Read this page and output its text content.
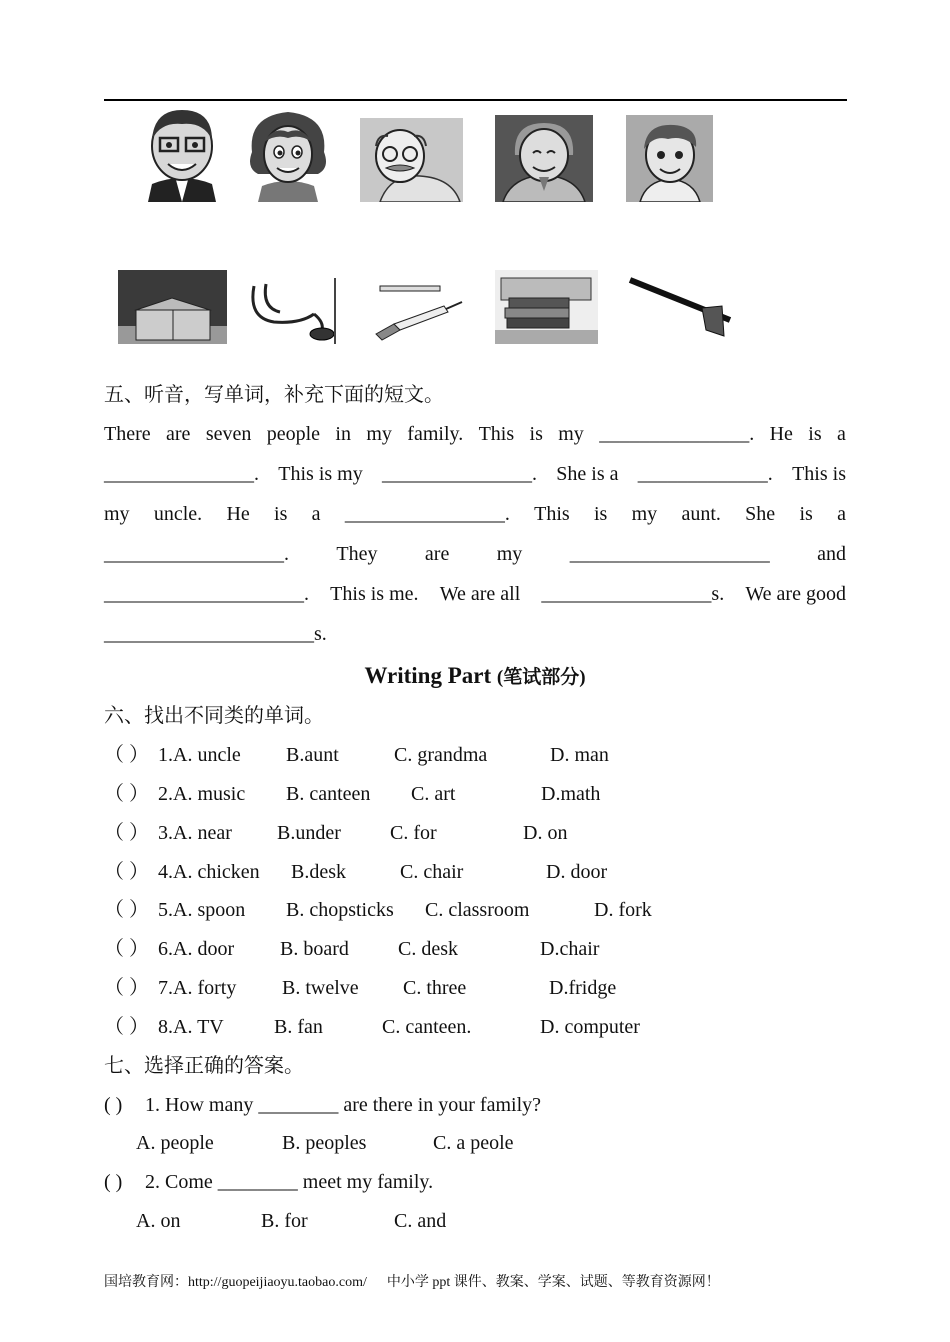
五、听音，写单词，补充下面的短文。
There are seven people in my family. This is my _______________. He is a
_______________. This is my _______________. She is a _____________. This is
my uncle. He is a ________________. This is my aunt. She is a
__________________. They are my ____________________ and
____________________. This is me. We are all _________________s. We are good
_____________________s.
Writing Part (笔试部分)
六、找出不同类的单词。
（ ） 1.A. uncle B.aunt	C. grandma	D. man
（ ） 2.A. music B. canteen C. art	D.math
（ ） 3.A. near B.under C. for	D. on
（ ） 4.A. chicken B.desk	C. chair	D. door
（ ） 5.A. spoon B. chopsticks C. classroom	D. fork
（ ） 6.A. door B. board C. desk	D.chair
（ ） 7.A. forty B. twelve C. three	D.fridge
（ ） 8.A. TV	B. fan	C. canteen.	D. computer
七、选择正确的答案。
( ) 1. How many ________ are there in your family?
A. people	B. peoples	C. a peole
( ) 2. Come ________ meet my family.
A. on	B. for	C. and
国培教育网：http://guopeijiaoyu.taobao.com/ 中小学 ppt 课件、教案、学案、试题、等教育资源网！
